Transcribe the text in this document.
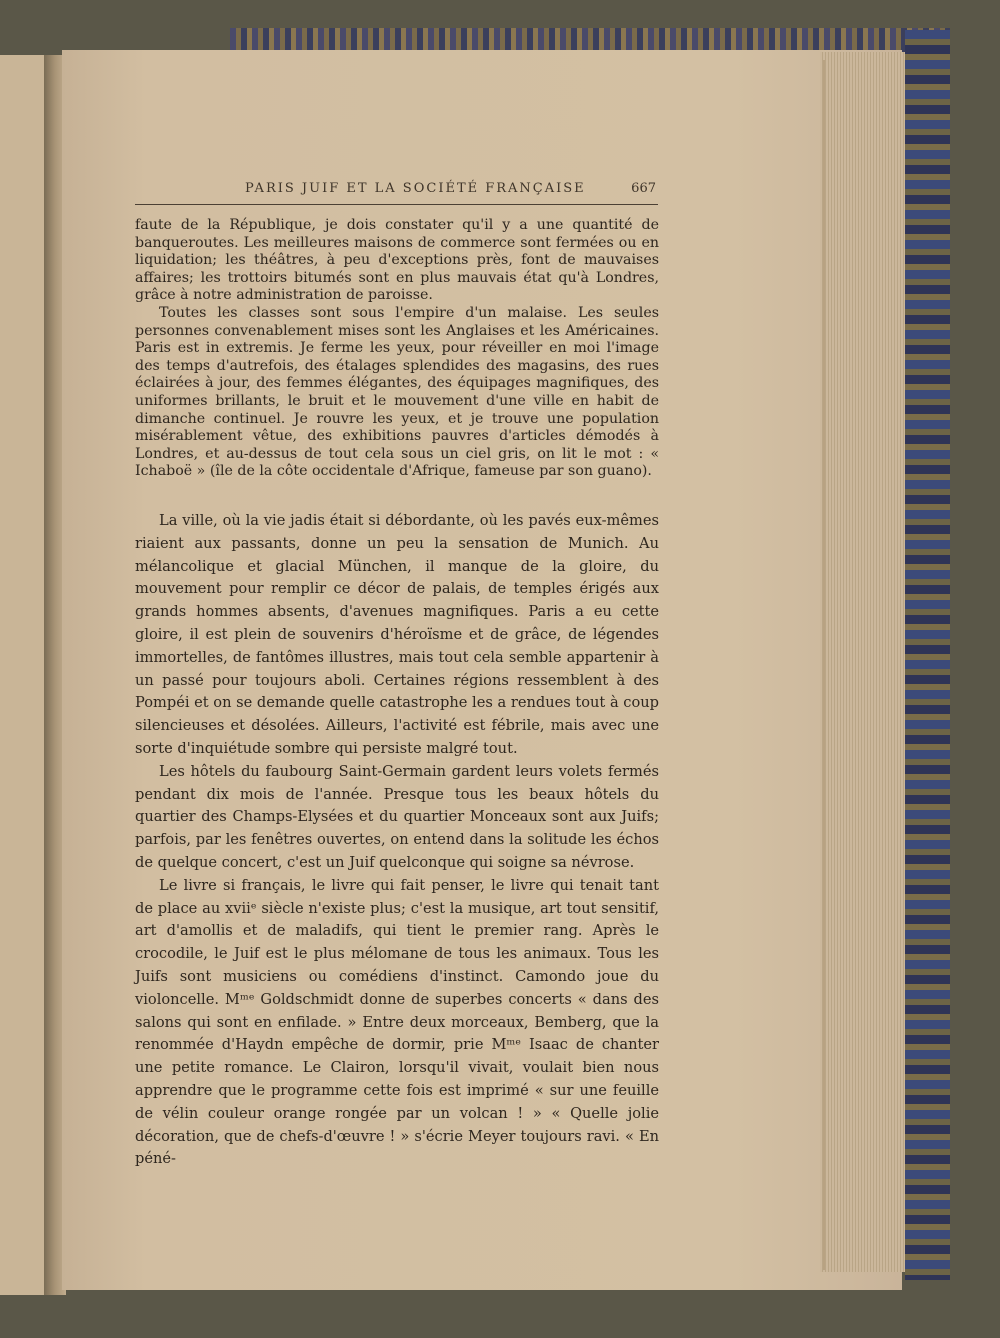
PARIS JUIF ET LA SOCIÉTÉ FRANÇAISE	667

faute de la République, je dois constater qu'il y a une quantité de banqueroutes. Les meilleures maisons de commerce sont fermées ou en liquidation; les théâtres, à peu d'exceptions près, font de mauvaises affaires; les trottoirs bitumés sont en plus mauvais état qu'à Londres, grâce à notre administration de paroisse.

Toutes les classes sont sous l'empire d'un malaise. Les seules personnes convenablement mises sont les Anglaises et les Américaines. Paris est in extremis. Je ferme les yeux, pour réveiller en moi l'image des temps d'autrefois, des étalages splendides des magasins, des rues éclairées à jour, des femmes élégantes, des équipages magnifiques, des uniformes brillants, le bruit et le mouvement d'une ville en habit de dimanche continuel. Je rouvre les yeux, et je trouve une population misérablement vêtue, des exhibitions pauvres d'articles démodés à Londres, et au-dessus de tout cela sous un ciel gris, on lit le mot : « Ichaboë » (île de la côte occidentale d'Afrique, fameuse par son guano).

La ville, où la vie jadis était si débordante, où les pavés eux-mêmes riaient aux passants, donne un peu la sensation de Munich. Au mélancolique et glacial München, il manque de la gloire, du mouvement pour remplir ce décor de palais, de temples érigés aux grands hommes absents, d'avenues magnifiques. Paris a eu cette gloire, il est plein de souvenirs d'héroïsme et de grâce, de légendes immortelles, de fantômes illustres, mais tout cela semble appartenir à un passé pour toujours aboli. Certaines régions ressemblent à des Pompéi et on se demande quelle catastrophe les a rendues tout à coup silencieuses et désolées. Ailleurs, l'activité est fébrile, mais avec une sorte d'inquiétude sombre qui persiste malgré tout.

Les hôtels du faubourg Saint-Germain gardent leurs volets fermés pendant dix mois de l'année. Presque tous les beaux hôtels du quartier des Champs-Elysées et du quartier Monceaux sont aux Juifs; parfois, par les fenêtres ouvertes, on entend dans la solitude les échos de quelque concert, c'est un Juif quelconque qui soigne sa névrose.

Le livre si français, le livre qui fait penser, le livre qui tenait tant de place au xviiᵉ siècle n'existe plus; c'est la musique, art tout sensitif, art d'amollis et de maladifs, qui tient le premier rang. Après le crocodile, le Juif est le plus mélomane de tous les animaux. Tous les Juifs sont musiciens ou comédiens d'instinct. Camondo joue du violoncelle. Mᵐᵉ Goldschmidt donne de superbes concerts « dans des salons qui sont en enfilade. » Entre deux morceaux, Bemberg, que la renommée d'Haydn empêche de dormir, prie Mᵐᵉ Isaac de chanter une petite romance. Le Clairon, lorsqu'il vivait, voulait bien nous apprendre que le programme cette fois est imprimé « sur une feuille de vélin couleur orange rongée par un volcan ! » « Quelle jolie décoration, que de chefs-d'œuvre ! » s'écrie Meyer toujours ravi. « En péné-
